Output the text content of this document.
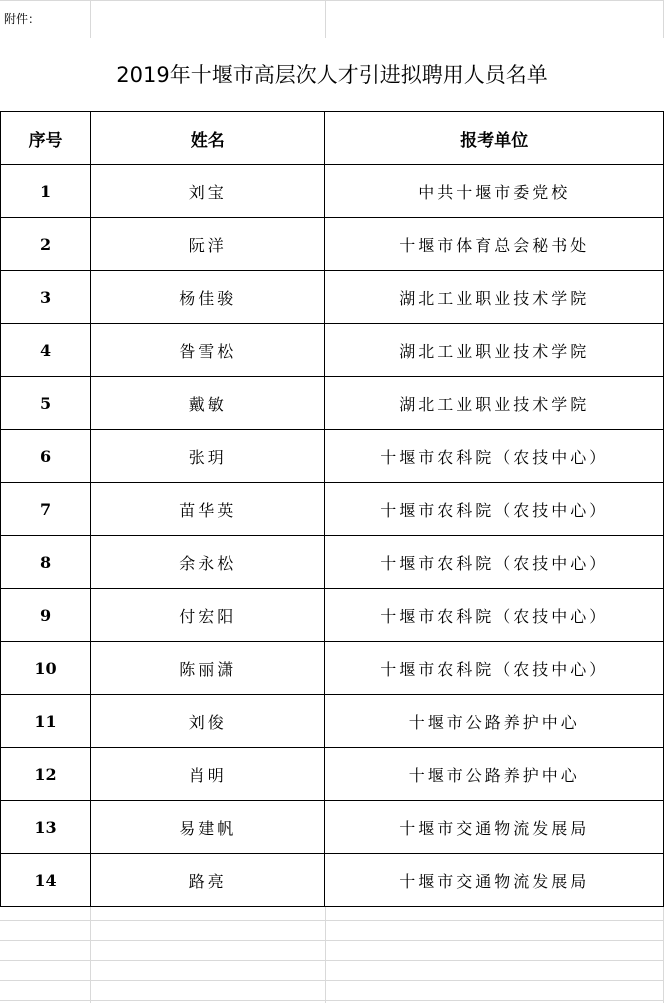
附件：
2019年十堰市高层次人才引进拟聘用人员名单
序号	姓名	报考单位
1	刘宝	中共十堰市委党校
2	阮洋	十堰市体育总会秘书处
3	杨佳骏	湖北工业职业技术学院
4	昝雪松	湖北工业职业技术学院
5	戴敏	湖北工业职业技术学院
6	张玥	十堰市农科院（农技中心）
7	苗华英	十堰市农科院（农技中心）
8	余永松	十堰市农科院（农技中心）
9	付宏阳	十堰市农科院（农技中心）
10	陈丽潇	十堰市农科院（农技中心）
11	刘俊	十堰市公路养护中心
12	肖明	十堰市公路养护中心
13	易建帆	十堰市交通物流发展局
14	路亮	十堰市交通物流发展局
